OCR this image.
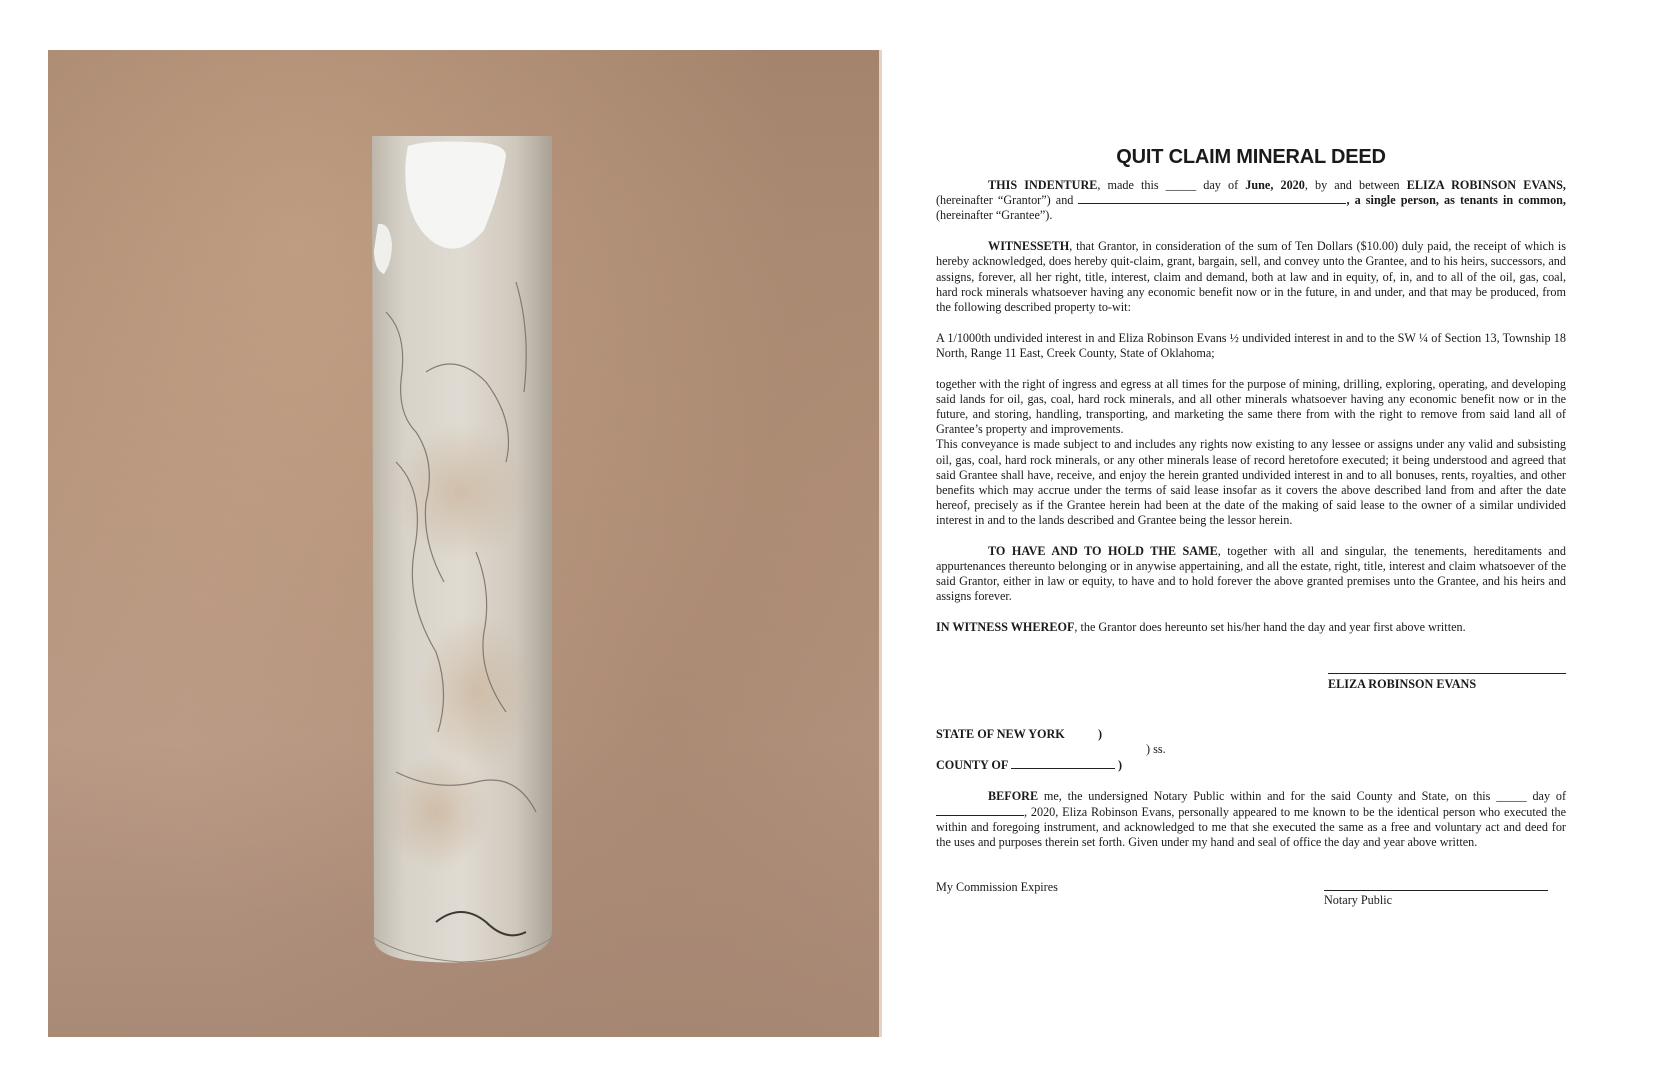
QUIT CLAIM MINERAL DEED

THIS INDENTURE, made this _____ day of June, 2020, by and between ELIZA ROBINSON EVANS, (hereinafter “Grantor”) and	, a single person, as tenants in common, (hereinafter “Grantee”).

WITNESSETH, that Grantor, in consideration of the sum of Ten Dollars ($10.00) duly paid, the receipt of which is hereby acknowledged, does hereby quit-claim, grant, bargain, sell, and convey unto the Grantee, and to his heirs, successors, and assigns, forever, all her right, title, interest, claim and demand, both at law and in equity, of, in, and to all of the oil, gas, coal, hard rock minerals whatsoever having any economic benefit now or in the future, in and under, and that may be produced, from the following described property to-wit:

A 1/1000th undivided interest in and Eliza Robinson Evans ½ undivided interest in and to the SW ¼ of Section 13, Township 18 North, Range 11 East, Creek County, State of Oklahoma;

together with the right of ingress and egress at all times for the purpose of mining, drilling, exploring, operating, and developing said lands for oil, gas, coal, hard rock minerals, and all other minerals whatsoever having any economic benefit now or in the future, and storing, handling, transporting, and marketing the same there from with the right to remove from said land all of Grantee’s property and improvements.

This conveyance is made subject to and includes any rights now existing to any lessee or assigns under any valid and subsisting oil, gas, coal, hard rock minerals, or any other minerals lease of record heretofore executed; it being understood and agreed that said Grantee shall have, receive, and enjoy the herein granted undivided interest in and to all bonuses, rents, royalties, and other benefits which may accrue under the terms of said lease insofar as it covers the above described land from and after the date hereof, precisely as if the Grantee herein had been at the date of the making of said lease to the owner of a similar undivided interest in and to the lands described and Grantee being the lessor herein.

TO HAVE AND TO HOLD THE SAME, together with all and singular, the tenements, hereditaments and appurtenances thereunto belonging or in anywise appertaining, and all the estate, right, title, interest and claim whatsoever of the said Grantor, either in law or equity, to have and to hold forever the above granted premises unto the Grantee, and his heirs and assigns forever.

IN WITNESS WHEREOF, the Grantor does hereunto set his/her hand the day and year first above written.

ELIZA ROBINSON EVANS
STATE OF NEW YORK	)
) ss.
COUNTY OF	)

BEFORE me, the undersigned Notary Public within and for the said County and State, on this _____ day of , 2020, Eliza Robinson Evans, personally appeared to me known to be the identical person who executed the within and foregoing instrument, and acknowledged to me that she executed the same as a free and voluntary act and deed for the uses and purposes therein set forth. Given under my hand and seal of office the day and year above written.

My Commission Expires
Notary Public
